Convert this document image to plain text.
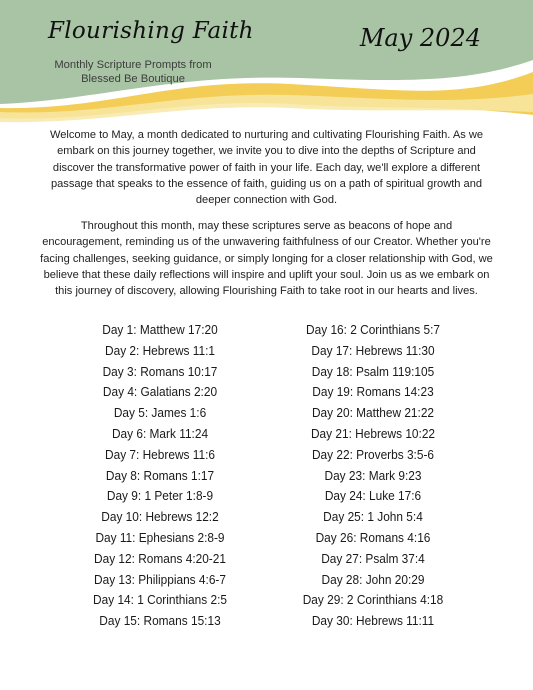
Flourishing Faith
Monthly Scripture Prompts from Blessed Be Boutique
May 2024
Welcome to May, a month dedicated to nurturing and cultivating Flourishing Faith. As we embark on this journey together, we invite you to dive into the depths of Scripture and discover the transformative power of faith in your life. Each day, we'll explore a different passage that speaks to the essence of faith, guiding us on a path of spiritual growth and deeper connection with God.
Throughout this month, may these scriptures serve as beacons of hope and encouragement, reminding us of the unwavering faithfulness of our Creator. Whether you're facing challenges, seeking guidance, or simply longing for a closer relationship with God, we believe that these daily reflections will inspire and uplift your soul. Join us as we embark on this journey of discovery, allowing Flourishing Faith to take root in our hearts and lives.
Day 1: Matthew 17:20
Day 2: Hebrews 11:1
Day 3: Romans 10:17
Day 4: Galatians 2:20
Day 5: James 1:6
Day 6: Mark 11:24
Day 7: Hebrews 11:6
Day 8: Romans 1:17
Day 9: 1 Peter 1:8-9
Day 10: Hebrews 12:2
Day 11: Ephesians 2:8-9
Day 12: Romans 4:20-21
Day 13: Philippians 4:6-7
Day 14: 1 Corinthians 2:5
Day 15: Romans 15:13
Day 16: 2 Corinthians 5:7
Day 17: Hebrews 11:30
Day 18: Psalm 119:105
Day 19: Romans 14:23
Day 20: Matthew 21:22
Day 21: Hebrews 10:22
Day 22: Proverbs 3:5-6
Day 23: Mark 9:23
Day 24: Luke 17:6
Day 25: 1 John 5:4
Day 26: Romans 4:16
Day 27: Psalm 37:4
Day 28: John 20:29
Day 29: 2 Corinthians 4:18
Day 30: Hebrews 11:11
